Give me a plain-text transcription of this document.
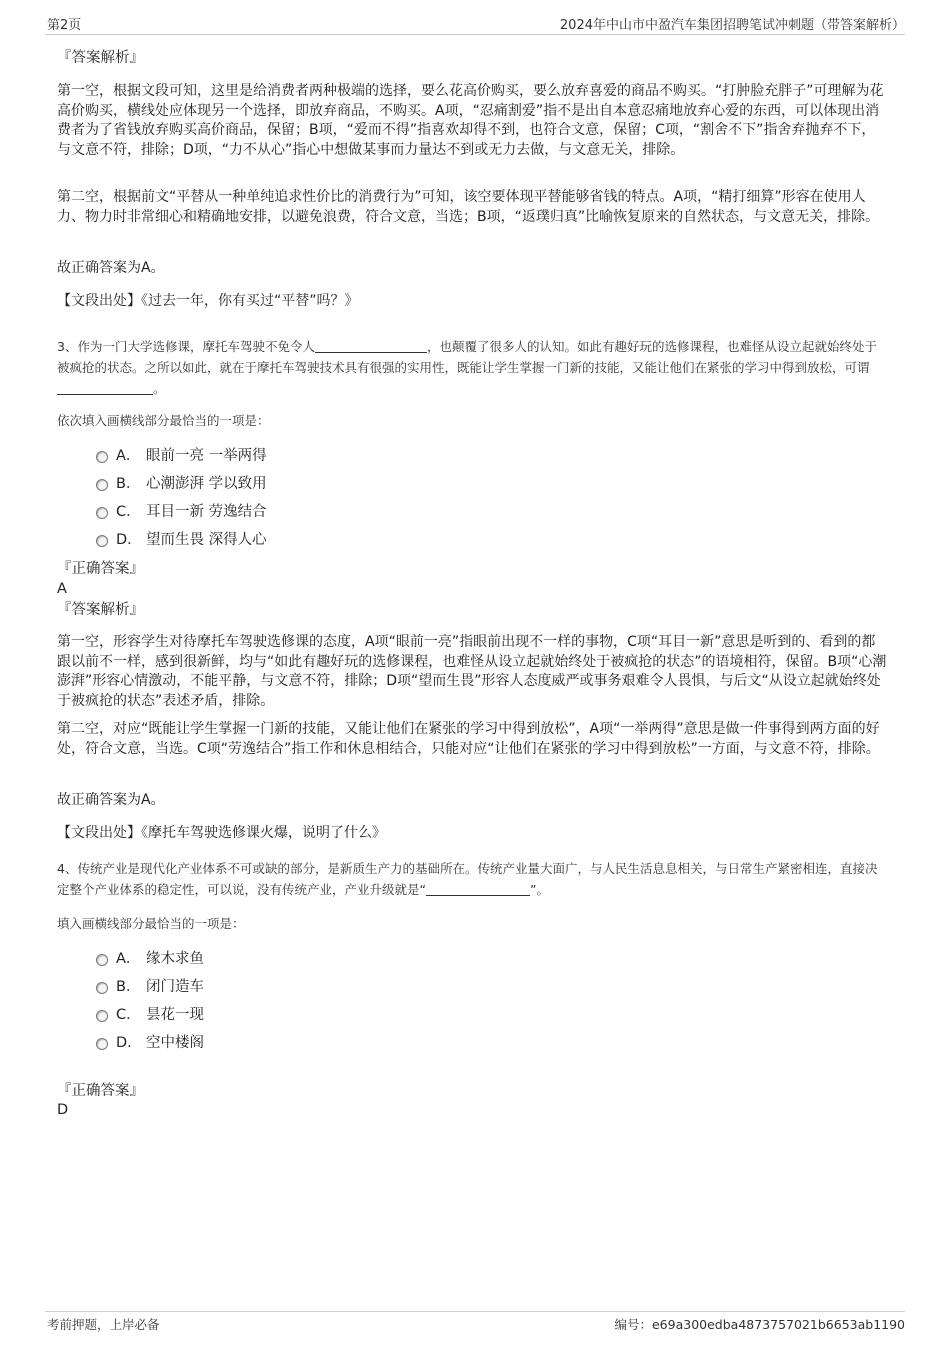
第2页	2024年中山市中盈汽车集团招聘笔试冲刺题（带答案解析）
『答案解析』
第一空，根据文段可知，这里是给消费者两种极端的选择，要么花高价购买，要么放弃喜爱的商品不购买。“打肿脸充胖子”可理解为花高价购买，横线处应体现另一个选择，即放弃商品，不购买。A项，“忍痛割爱”指不是出自本意忍痛地放弃心爱的东西，可以体现出消费者为了省钱放弃购买高价商品，保留；B项，“爱而不得”指喜欢却得不到，也符合文意，保留；C项，“割舍不下”指舍弃抛弃不下，与文意不符，排除；D项，“力不从心”指心中想做某事而力量达不到或无力去做，与文意无关，排除。
第二空，根据前文“平替从一种单纯追求性价比的消费行为”可知，该空要体现平替能够省钱的特点。A项，“精打细算”形容在使用人力、物力时非常细心和精确地安排，以避免浪费，符合文意，当选；B项，“返璞归真”比喻恢复原来的自然状态，与文意无关，排除。
故正确答案为A。
【文段出处】《过去一年，你有买过“平替”吗？》
3、作为一门大学选修课，摩托车驾驶不免令人	，也颠覆了很多人的认知。如此有趣好玩的选修课程，也难怪从设立起就始终处于被疯抢的状态。之所以如此，就在于摩托车驾驶技术具有很强的实用性，既能让学生掌握一门新的技能，又能让他们在紧张的学习中得到放松，可谓。
依次填入画横线部分最恰当的一项是：
A． 眼前一亮 一举两得
B． 心潮澎湃 学以致用
C． 耳目一新 劳逸结合
D． 望而生畏 深得人心
『正确答案』
A
『答案解析』
第一空，形容学生对待摩托车驾驶选修课的态度，A项“眼前一亮”指眼前出现不一样的事物，C项“耳目一新”意思是听到的、看到的都跟以前不一样，感到很新鲜，均与“如此有趣好玩的选修课程，也难怪从设立起就始终处于被疯抢的状态”的语境相符，保留。B项“心潮澎湃”形容心情激动，不能平静，与文意不符，排除；D项“望而生畏”形容人态度威严或事务艰难令人畏惧，与后文“从设立起就始终处于被疯抢的状态”表述矛盾，排除。
第二空，对应“既能让学生掌握一门新的技能，又能让他们在紧张的学习中得到放松”，A项“一举两得”意思是做一件事得到两方面的好处，符合文意，当选。C项“劳逸结合”指工作和休息相结合，只能对应“让他们在紧张的学习中得到放松”一方面，与文意不符，排除。
故正确答案为A。
【文段出处】《摩托车驾驶选修课火爆，说明了什么》
4、传统产业是现代化产业体系不可或缺的部分，是新质生产力的基础所在。传统产业量大面广，与人民生活息息相关，与日常生产紧密相连，直接决定整个产业体系的稳定性，可以说，没有传统产业，产业升级就是“	”。
填入画横线部分最恰当的一项是：
A． 缘木求鱼
B． 闭门造车
C． 昙花一现
D． 空中楼阁
『正确答案』
D
考前押题，上岸必备	编号：e69a300edba4873757021b6653ab1190
